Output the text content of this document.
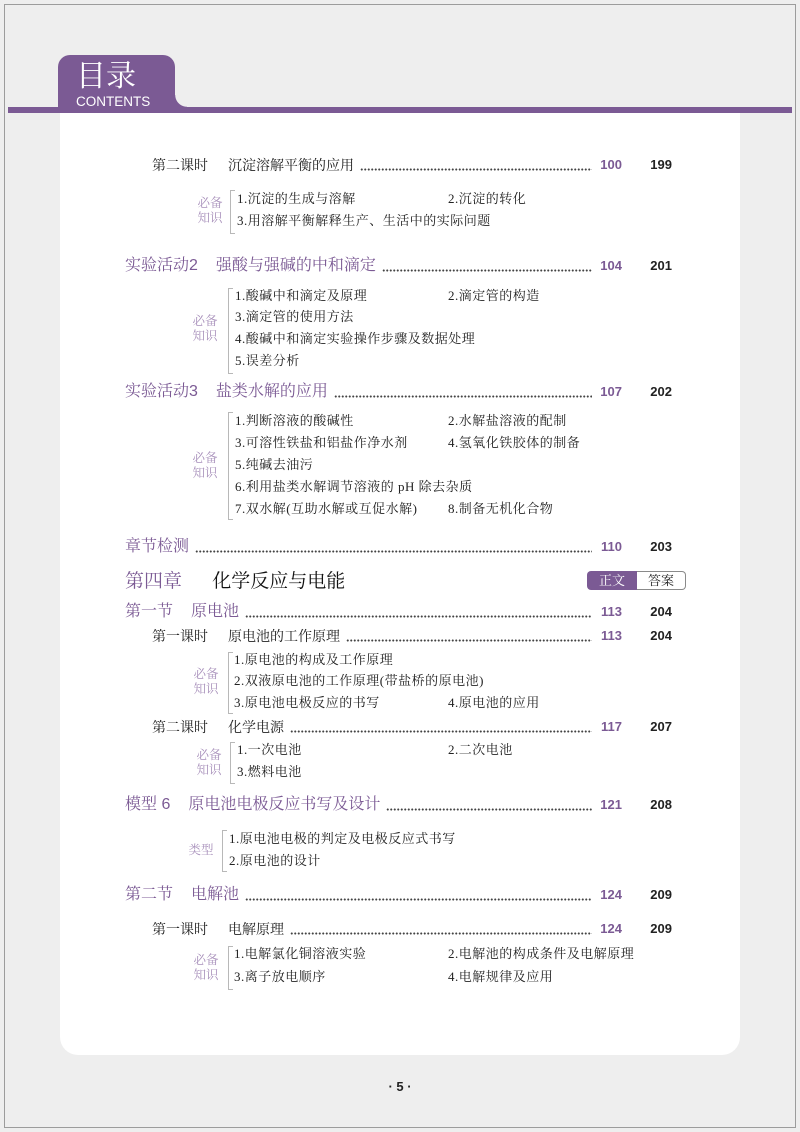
目录
CONTENTS
第二课时 沉淀溶解平衡的应用	100	199
必备
知识
1.沉淀的生成与溶解	2.沉淀的转化
3.用溶解平衡解释生产、生活中的实际问题
实验活动2 强酸与强碱的中和滴定	104	201
必备
知识
1.酸碱中和滴定及原理	2.滴定管的构造
3.滴定管的使用方法
4.酸碱中和滴定实验操作步骤及数据处理
5.误差分析
实验活动3 盐类水解的应用	107	202
必备
知识
1.判断溶液的酸碱性	2.水解盐溶液的配制
3.可溶性铁盐和铝盐作净水剂	4.氢氧化铁胶体的制备
5.纯碱去油污
6.利用盐类水解调节溶液的 pH 除去杂质
7.双水解(互助水解或互促水解) 8.制备无机化合物
章节检测	110	203
第四章 化学反应与电能	正文	答案
第一节 原电池	113	204
第一课时 原电池的工作原理	113	204
必备
知识
1.原电池的构成及工作原理
2.双液原电池的工作原理(带盐桥的原电池)
3.原电池电极反应的书写	4.原电池的应用
第二课时 化学电源	117	207
必备
知识
1.一次电池	2.二次电池
3.燃料电池
模型 6 原电池电极反应书写及设计	121	208
类型
1.原电池电极的判定及电极反应式书写
2.原电池的设计
第二节 电解池	124	209
第一课时 电解原理	124	209
必备
知识
1.电解氯化铜溶液实验	2.电解池的构成条件及电解原理
3.离子放电顺序	4.电解规律及应用
· 5 ·
